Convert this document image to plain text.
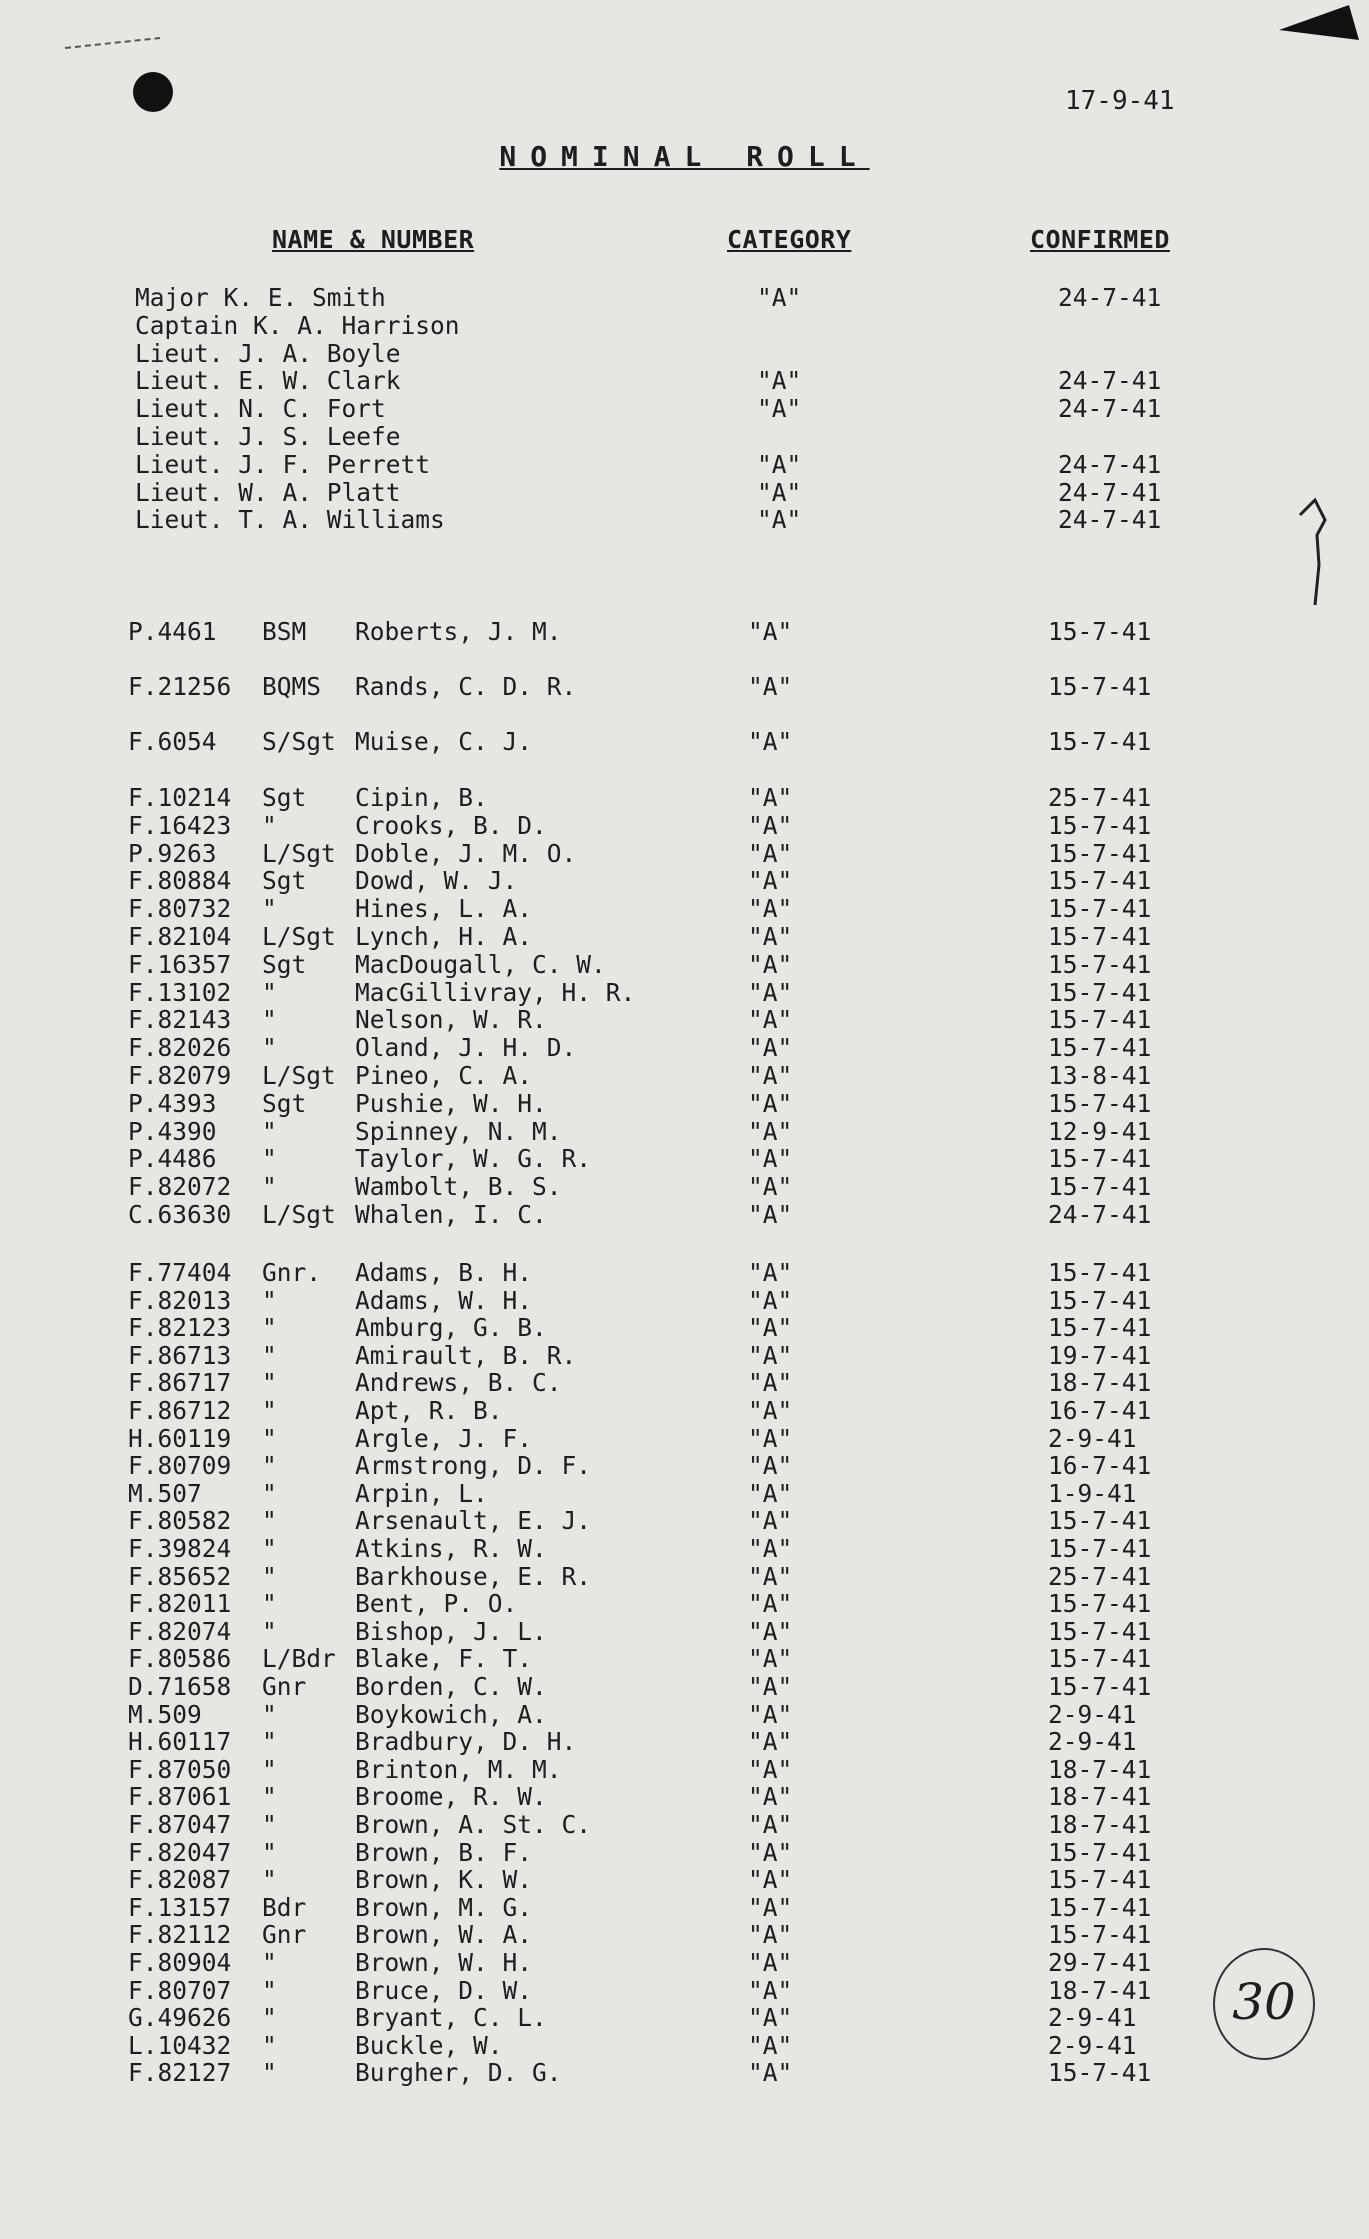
17-9-41
NOMINAL ROLL
NAME & NUMBER	CATEGORY	CONFIRMED
Major K. E. Smith	"A"	24-7-41
Captain K. A. Harrison
Lieut. J. A. Boyle
Lieut. E. W. Clark	"A"	24-7-41
Lieut. N. C. Fort	"A"	24-7-41
Lieut. J. S. Leefe
Lieut. J. F. Perrett	"A"	24-7-41
Lieut. W. A. Platt	"A"	24-7-41
Lieut. T. A. Williams	"A"	24-7-41
P.4461 BSM Roberts, J. M.	"A"	15-7-41
F.21256 BQMS Rands, C. D. R.	"A"	15-7-41
F.6054 S/Sgt Muise, C. J.	"A"	15-7-41
F.10214 Sgt Cipin, B.	"A"	25-7-41
F.16423 "	Crooks, B. D.	"A"	15-7-41
P.9263 L/Sgt Doble, J. M. O.	"A"	15-7-41
F.80884 Sgt Dowd, W. J.	"A"	15-7-41
F.80732 "	Hines, L. A.	"A"	15-7-41
F.82104 L/Sgt Lynch, H. A.	"A"	15-7-41
F.16357 Sgt MacDougall, C. W.	"A"	15-7-41
F.13102 "	MacGillivray, H. R.	"A"	15-7-41
F.82143 "	Nelson, W. R.	"A"	15-7-41
F.82026 "	Oland, J. H. D.	"A"	15-7-41
F.82079 L/Sgt Pineo, C. A.	"A"	13-8-41
P.4393 Sgt Pushie, W. H.	"A"	15-7-41
P.4390 "	Spinney, N. M.	"A"	12-9-41
P.4486 "	Taylor, W. G. R.	"A"	15-7-41
F.82072 "	Wambolt, B. S.	"A"	15-7-41
C.63630 L/Sgt Whalen, I. C.	"A"	24-7-41
F.77404 Gnr. Adams, B. H.	"A"	15-7-41
F.82013 "	Adams, W. H.	"A"	15-7-41
F.82123 "	Amburg, G. B.	"A"	15-7-41
F.86713 "	Amirault, B. R.	"A"	19-7-41
F.86717 "	Andrews, B. C.	"A"	18-7-41
F.86712 "	Apt, R. B.	"A"	16-7-41
H.60119 "	Argle, J. F.	"A"	2-9-41
F.80709 "	Armstrong, D. F.	"A"	16-7-41
M.507 "	Arpin, L.	"A"	1-9-41
F.80582 "	Arsenault, E. J.	"A"	15-7-41
F.39824 "	Atkins, R. W.	"A"	15-7-41
F.85652 "	Barkhouse, E. R.	"A"	25-7-41
F.82011 "	Bent, P. O.	"A"	15-7-41
F.82074 "	Bishop, J. L.	"A"	15-7-41
F.80586 L/Bdr Blake, F. T.	"A"	15-7-41
D.71658 Gnr Borden, C. W.	"A"	15-7-41
M.509 "	Boykowich, A.	"A"	2-9-41
H.60117 "	Bradbury, D. H.	"A"	2-9-41
F.87050 "	Brinton, M. M.	"A"	18-7-41
F.87061 "	Broome, R. W.	"A"	18-7-41
F.87047 "	Brown, A. St. C.	"A"	18-7-41
F.82047 "	Brown, B. F.	"A"	15-7-41
F.82087 "	Brown, K. W.	"A"	15-7-41
F.13157 Bdr Brown, M. G.	"A"	15-7-41
F.82112 Gnr Brown, W. A.	"A"	15-7-41
F.80904 "	Brown, W. H.	"A"	29-7-41
F.80707 "	Bruce, D. W.	"A"	18-7-41
G.49626 "	Bryant, C. L.	"A"	2-9-41
L.10432 "	Buckle, W.	"A"	2-9-41
F.82127 "	Burgher, D. G.	"A"	15-7-41
30
